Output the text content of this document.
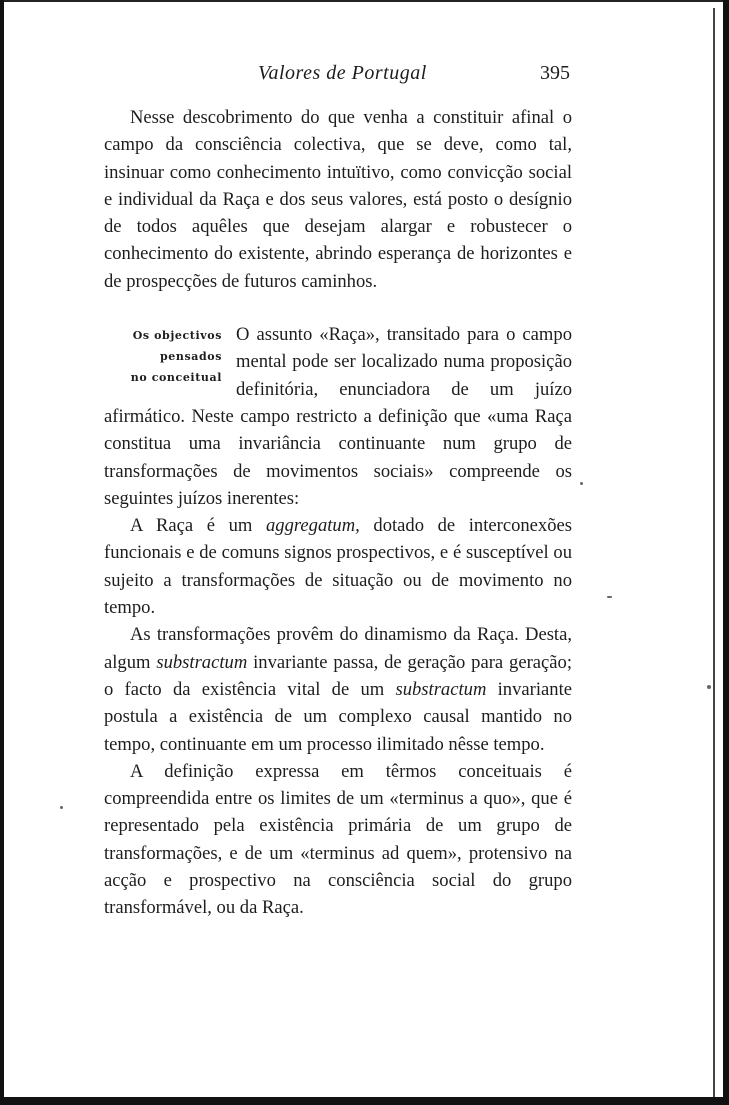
Valores de Portugal	395

Nesse descobrimento do que venha a constituir afinal o campo da consciência colectiva, que se deve, como tal, insinuar como conhecimento intuïtivo, como convicção social e individual da Raça e dos seus valores, está posto o desígnio de todos aquêles que desejam alargar e robustecer o conhecimento do existente, abrindo esperança de horizontes e de prospecções de futuros caminhos.

Os objectivos
pensados
no conceitual

O assunto «Raça», transitado para o campo mental pode ser localizado numa proposição definitória, enunciadora de um juízo afirmático. Neste campo restricto a definição que «uma Raça constitua uma invariância continuante num grupo de transformações de movimentos sociais» compreende os seguintes juízos inerentes:

A Raça é um aggregatum, dotado de interconexões funcionais e de comuns signos prospectivos, e é susceptível ou sujeito a transformações de situação ou de movimento no tempo.

As transformações provêm do dinamismo da Raça. Desta, algum substractum invariante passa, de geração para geração; o facto da existência vital de um substractum invariante postula a existência de um complexo causal mantido no tempo, continuante em um processo ilimitado nêsse tempo.

A definição expressa em têrmos conceituais é compreendida entre os limites de um «terminus a quo», que é representado pela existência primária de um grupo de transformações, e de um «terminus ad quem», protensivo na acção e prospectivo na consciência social do grupo transformável, ou da Raça.
